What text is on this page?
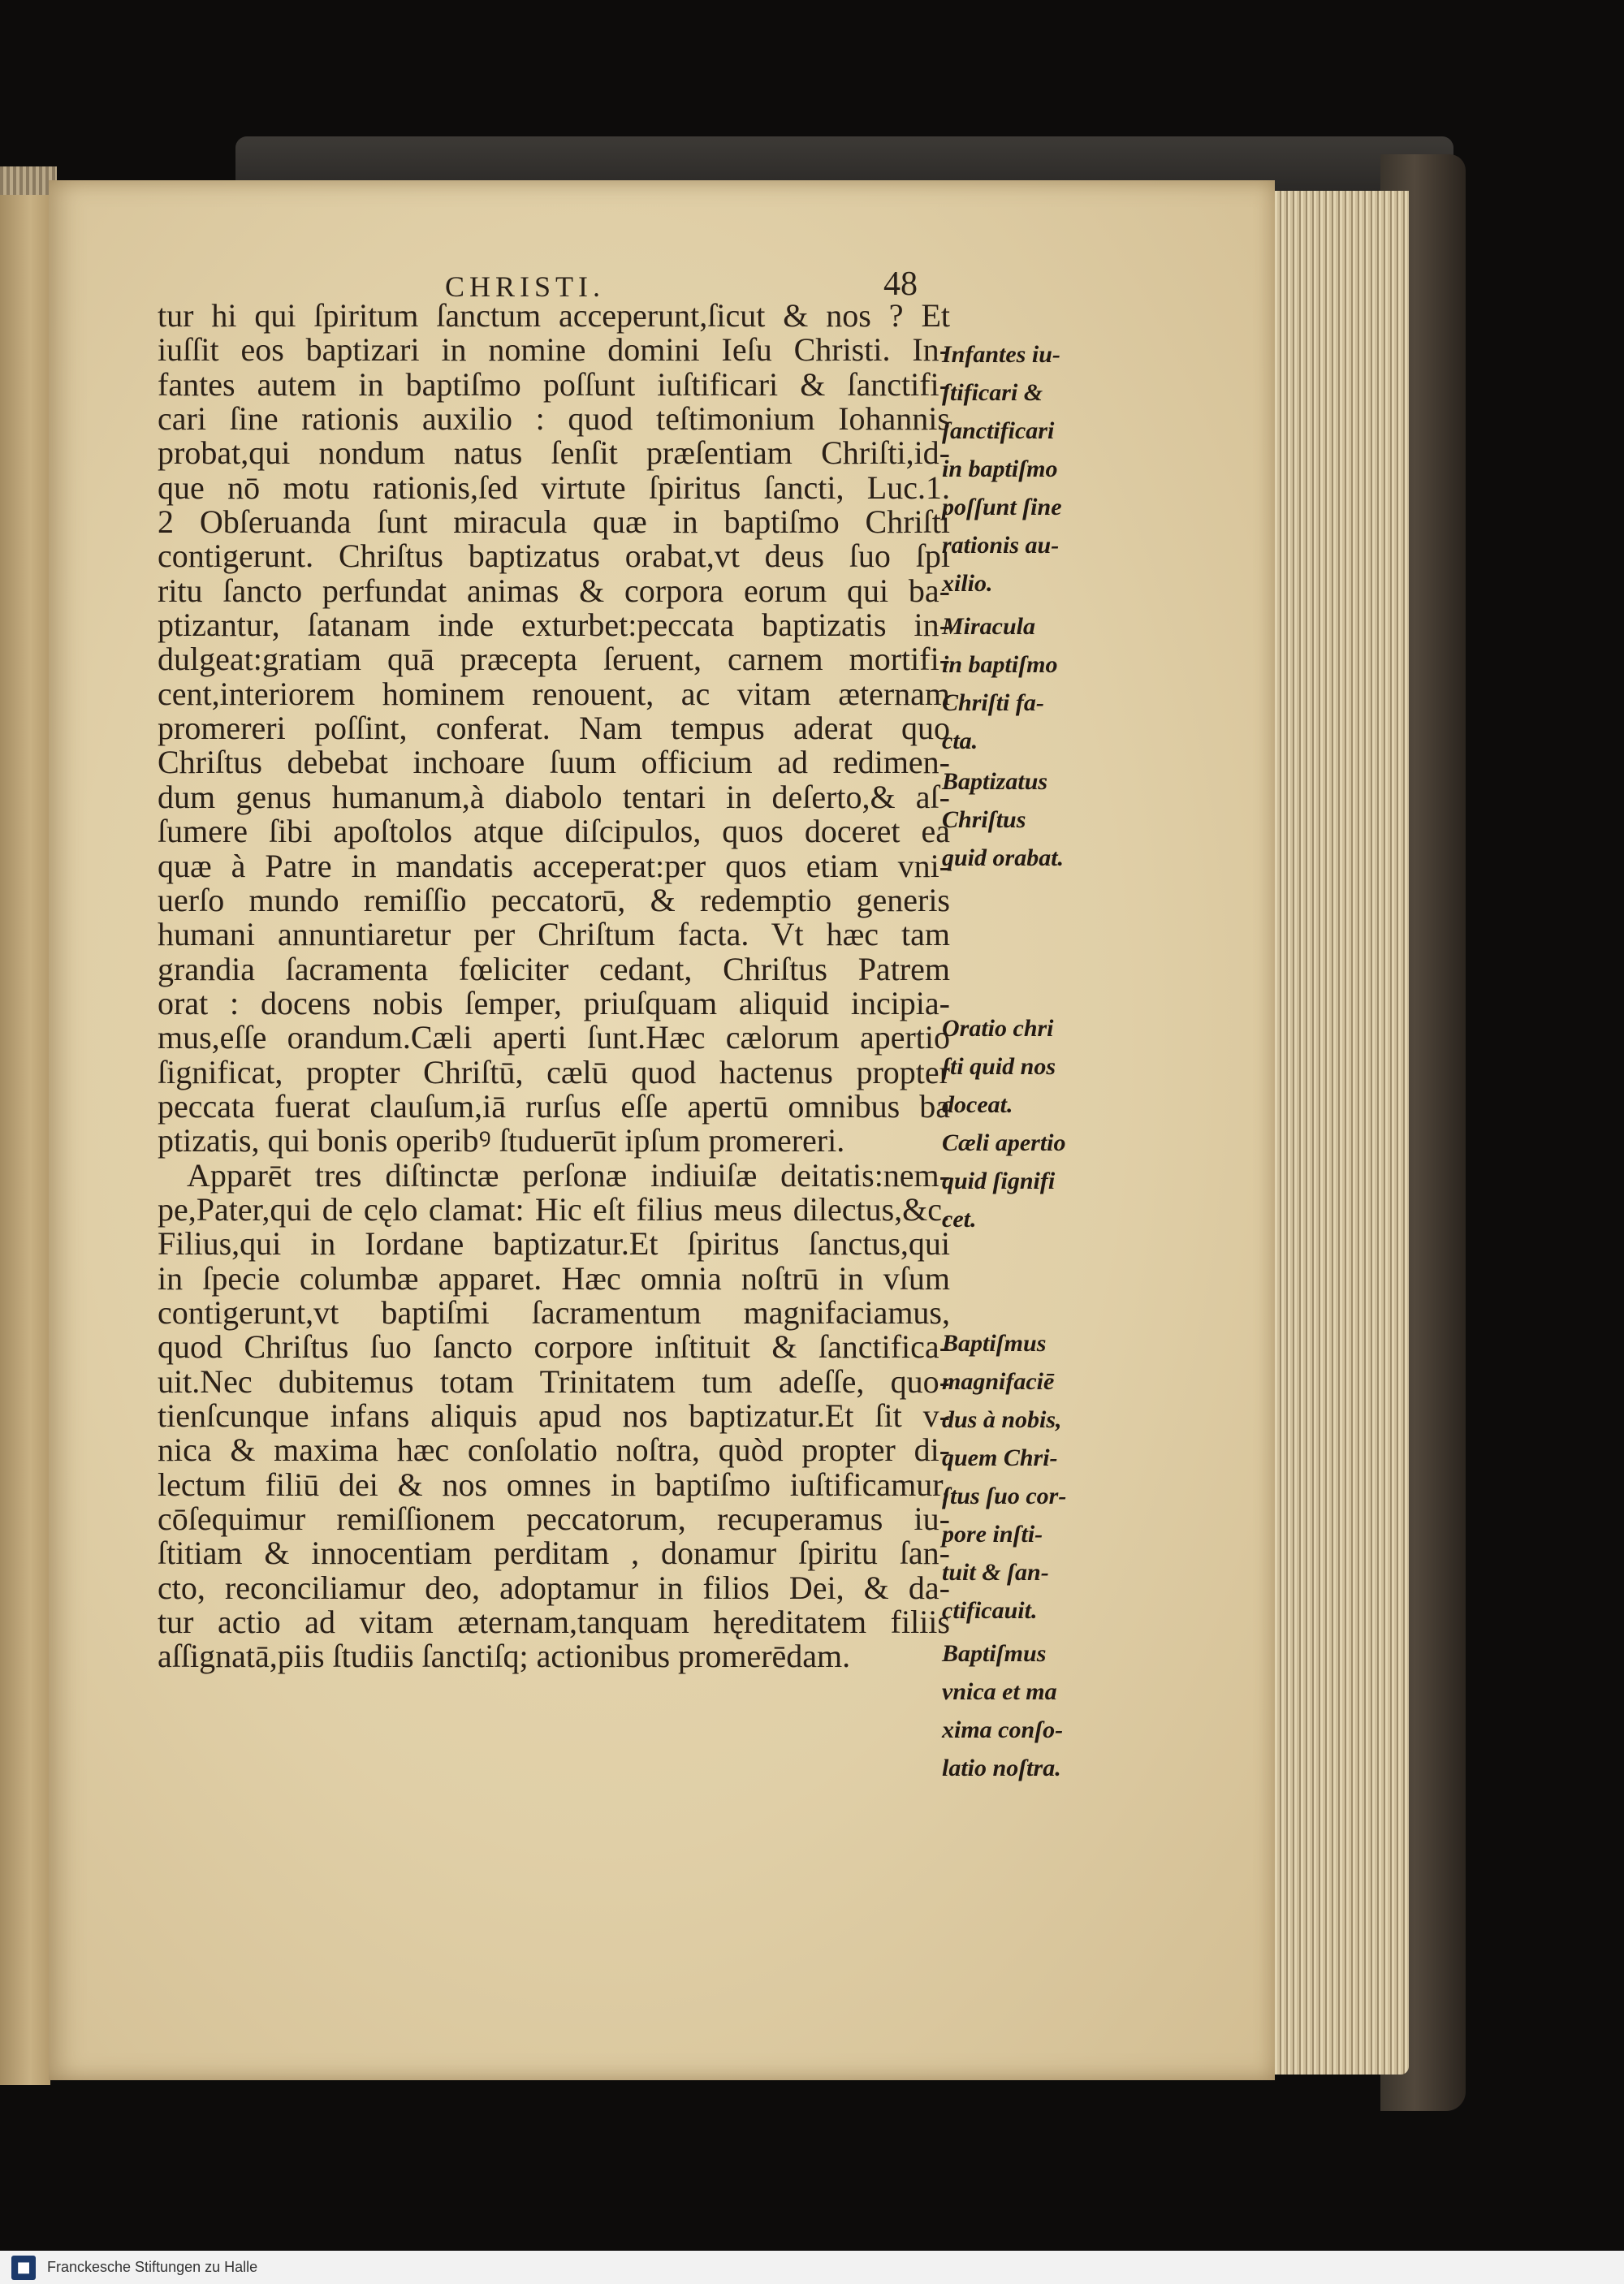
CHRISTI.	48
tur hi qui ſpiritum ſanctum acceperunt,ſicut & nos ? Et
iuſſit eos baptizari in nomine domini Ieſu Christi. In-
fantes autem in baptiſmo poſſunt iuſtificari & ſanctifi-
cari ſine rationis auxilio : quod teſtimonium Iohannis
probat,qui nondum natus ſenſit præſentiam Chriſti,id-
que nō motu rationis,ſed virtute ſpiritus ſancti, Luc.1.
2 Obſeruanda ſunt miracula quæ in baptiſmo Chriſti
contigerunt. Chriſtus baptizatus orabat,vt deus ſuo ſpi
ritu ſancto perfundat animas & corpora eorum qui ba-
ptizantur, ſatanam inde exturbet:peccata baptizatis in-
dulgeat:gratiam quā præcepta ſeruent, carnem mortifi-
cent,interiorem hominem renouent, ac vitam æternam
promereri poſſint, conferat. Nam tempus aderat quo
Chriſtus debebat inchoare ſuum officium ad redimen-
dum genus humanum,à diabolo tentari in deſerto,& aſ-
ſumere ſibi apoſtolos atque diſcipulos, quos doceret ea
quæ à Patre in mandatis acceperat:per quos etiam vni-
uerſo mundo remiſſio peccatorū, & redemptio generis
humani annuntiaretur per Chriſtum facta. Vt hæc tam
grandia ſacramenta fœliciter cedant, Chriſtus Patrem
orat : docens nobis ſemper, priuſquam aliquid incipia-
mus,eſſe orandum.Cæli aperti ſunt.Hæc cælorum apertio
ſignificat, propter Chriſtū, cælū quod hactenus propter
peccata fuerat clauſum,iā rurſus eſſe apertū omnibus ba
ptizatis, qui bonis operibꝰ ſtuduerūt ipſum promereri.
Apparēt tres diſtinctæ perſonæ indiuiſæ deitatis:nem-
pe,Pater,qui de cęlo clamat: Hic eſt filius meus dilectus,&c.
Filius,qui in Iordane baptizatur.Et ſpiritus ſanctus,qui
in ſpecie columbæ apparet. Hæc omnia noſtrū in vſum
contigerunt,vt baptiſmi ſacramentum magnifaciamus,
quod Chriſtus ſuo ſancto corpore inſtituit & ſanctifica-
uit.Nec dubitemus totam Trinitatem tum adeſſe, quo-
tienſcunque infans aliquis apud nos baptizatur.Et ſit v-
nica & maxima hæc conſolatio noſtra, quòd propter di-
lectum filiū dei & nos omnes in baptiſmo iuſtificamur,
cōſequimur remiſſionem peccatorum, recuperamus iu-
ſtitiam & innocentiam perditam , donamur ſpiritu ſan-
cto, reconciliamur deo, adoptamur in filios Dei, & da-
tur actio ad vitam æternam,tanquam hęreditatem filiis
aſſignatā,piis ſtudiis ſanctiſq; actionibus promerēdam.
Infantes iu-
ſtificari &
ſanctificari
in baptiſmo
poſſunt ſine
rationis au-
xilio.
Miracula
in baptiſmo
Chriſti fa-
cta.
Baptizatus
Chriſtus
quid orabat.
Oratio chri
ſti quid nos
doceat.
Cæli apertio
quid ſignifi
cet.
Baptiſmus
magnifaciē
dus à nobis,
quem Chri-
ſtus ſuo cor-
pore inſti-
tuit & ſan-
ctificauit.
Baptiſmus
vnica et ma
xima conſo-
latio noſtra.
■	Franckesche Stiftungen zu Halle
